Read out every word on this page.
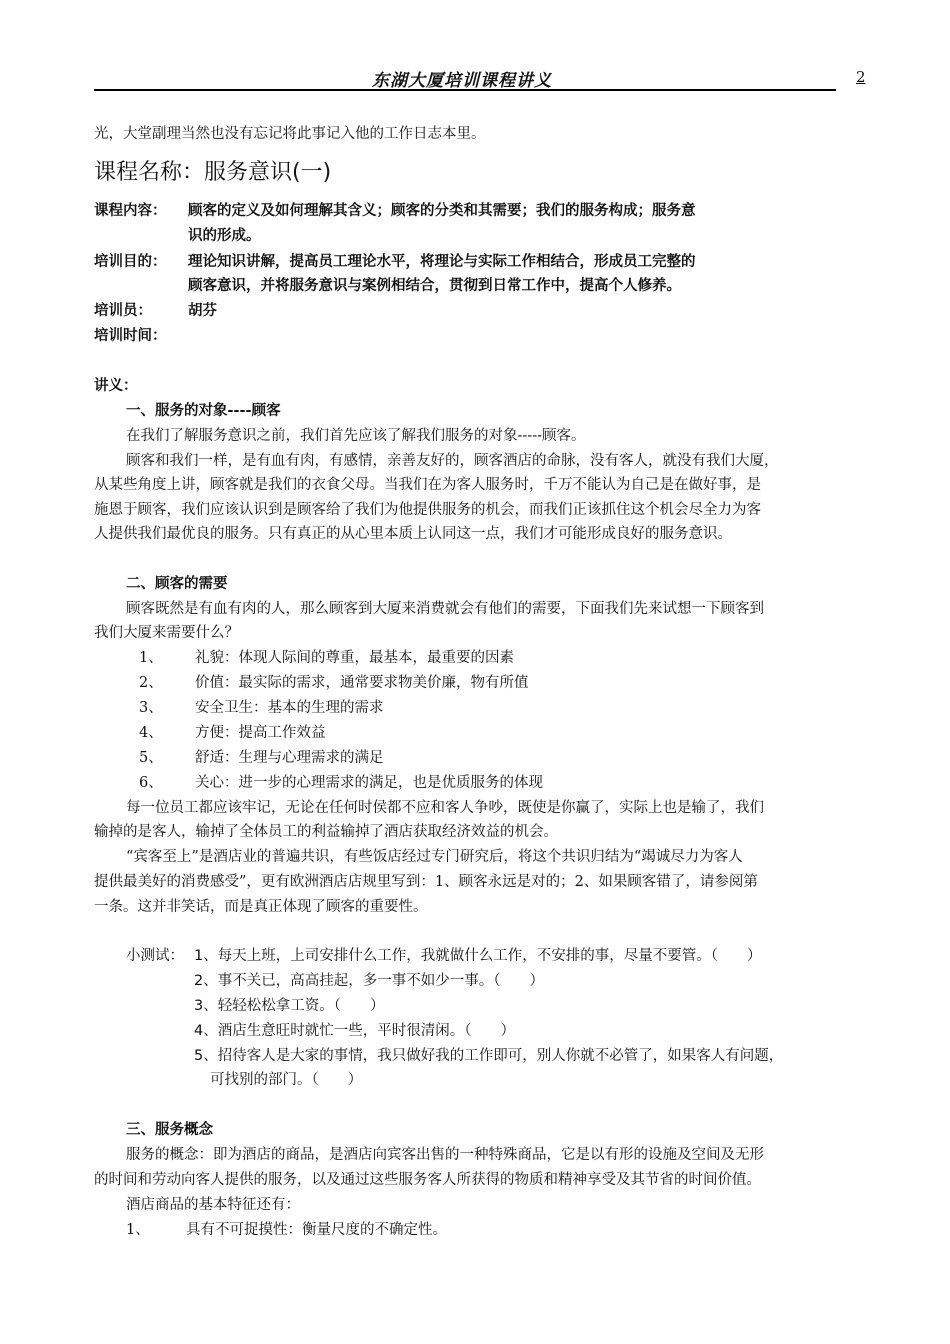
东湖大厦培训课程讲义	2
光，大堂副理当然也没有忘记将此事记入他的工作日志本里。
课程名称：服务意识(一)
课程内容： 顾客的定义及如何理解其含义；顾客的分类和其需要；我们的服务构成；服务意
识的形成。
培训目的： 理论知识讲解，提高员工理论水平，将理论与实际工作相结合，形成员工完整的
顾客意识，并将服务意识与案例相结合，贯彻到日常工作中，提高个人修养。
培训员： 胡芬
培训时间：
讲义：
一、服务的对象----顾客
在我们了解服务意识之前，我们首先应该了解我们服务的对象-----顾客。
顾客和我们一样，是有血有肉，有感情，亲善友好的，顾客酒店的命脉，没有客人，就没有我们大厦，
从某些角度上讲，顾客就是我们的衣食父母。当我们在为客人服务时，千万不能认为自己是在做好事，是
施恩于顾客，我们应该认识到是顾客给了我们为他提供服务的机会，而我们正该抓住这个机会尽全力为客
人提供我们最优良的服务。只有真正的从心里本质上认同这一点，我们才可能形成良好的服务意识。
二、顾客的需要
顾客既然是有血有肉的人，那么顾客到大厦来消费就会有他们的需要，下面我们先来试想一下顾客到
我们大厦来需要什么？
1、 礼貌：体现人际间的尊重，最基本，最重要的因素
2、 价值：最实际的需求，通常要求物美价廉，物有所值
3、 安全卫生：基本的生理的需求
4、 方便：提高工作效益
5、 舒适：生理与心理需求的满足
6、 关心：进一步的心理需求的满足，也是优质服务的体现
每一位员工都应该牢记，无论在任何时侯都不应和客人争吵，既使是你赢了，实际上也是输了，我们
输掉的是客人，输掉了全体员工的利益输掉了酒店获取经济效益的机会。
“宾客至上”是酒店业的普遍共识，有些饭店经过专门研究后，将这个共识归结为“竭诚尽力为客人
提供最美好的消费感受”，更有欧洲酒店店规里写到：1、顾客永远是对的；2、如果顾客错了，请参阅第
一条。这并非笑话，而是真正体现了顾客的重要性。
小测试： 1、每天上班，上司安排什么工作，我就做什么工作，不安排的事，尽量不要管。（　　）
2、事不关已，高高挂起，多一事不如少一事。（　　）
3、轻轻松松拿工资。（　　）
4、酒店生意旺时就忙一些，平时很清闲。（　　）
5、招待客人是大家的事情，我只做好我的工作即可，别人你就不必管了，如果客人有问题，
可找别的部门。（　　）
三、服务概念
服务的概念：即为酒店的商品，是酒店向宾客出售的一种特殊商品，它是以有形的设施及空间及无形
的时间和劳动向客人提供的服务，以及通过这些服务客人所获得的物质和精神享受及其节省的时间价值。
酒店商品的基本特征还有：
1、	具有不可捉摸性：衡量尺度的不确定性。
